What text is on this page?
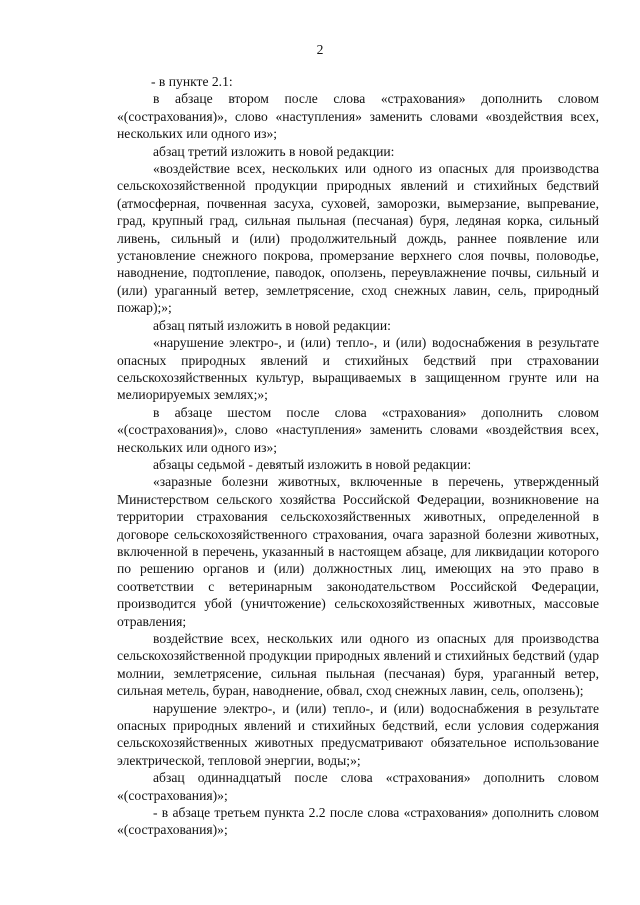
2

- в пункте 2.1:

в абзаце втором после слова «страхования» дополнить словом «(сострахования)», слово «наступления» заменить словами «воздействия всех, нескольких или одного из»;

абзац третий изложить в новой редакции:

«воздействие всех, нескольких или одного из опасных для производства сельскохозяйственной продукции природных явлений и стихийных бедствий (атмосферная, почвенная засуха, суховей, заморозки, вымерзание, выпревание, град, крупный град, сильная пыльная (песчаная) буря, ледяная корка, сильный ливень, сильный и (или) продолжительный дождь, раннее появление или установление снежного покрова, промерзание верхнего слоя почвы, половодье, наводнение, подтопление, паводок, оползень, переувлажнение почвы, сильный и (или) ураганный ветер, землетрясение, сход снежных лавин, сель, природный пожар);»;

абзац пятый изложить в новой редакции:

«нарушение электро-, и (или) тепло-, и (или) водоснабжения в результате опасных природных явлений и стихийных бедствий при страховании сельскохозяйственных культур, выращиваемых в защищенном грунте или на мелиорируемых землях;»;

в абзаце шестом после слова «страхования» дополнить словом «(сострахования)», слово «наступления» заменить словами «воздействия всех, нескольких или одного из»;

абзацы седьмой - девятый изложить в новой редакции:

«заразные болезни животных, включенные в перечень, утвержденный Министерством сельского хозяйства Российской Федерации, возникновение на территории страхования сельскохозяйственных животных, определенной в договоре сельскохозяйственного страхования, очага заразной болезни животных, включенной в перечень, указанный в настоящем абзаце, для ликвидации которого по решению органов и (или) должностных лиц, имеющих на это право в соответствии с ветеринарным законодательством Российской Федерации, производится убой (уничтожение) сельскохозяйственных животных, массовые отравления;

воздействие всех, нескольких или одного из опасных для производства сельскохозяйственной продукции природных явлений и стихийных бедствий (удар молнии, землетрясение, сильная пыльная (песчаная) буря, ураганный ветер, сильная метель, буран, наводнение, обвал, сход снежных лавин, сель, оползень);

нарушение электро-, и (или) тепло-, и (или) водоснабжения в результате опасных природных явлений и стихийных бедствий, если условия содержания сельскохозяйственных животных предусматривают обязательное использование электрической, тепловой энергии, воды;»;

абзац одиннадцатый после слова «страхования» дополнить словом «(сострахования)»;

- в абзаце третьем пункта 2.2 после слова «страхования» дополнить словом «(сострахования)»;
